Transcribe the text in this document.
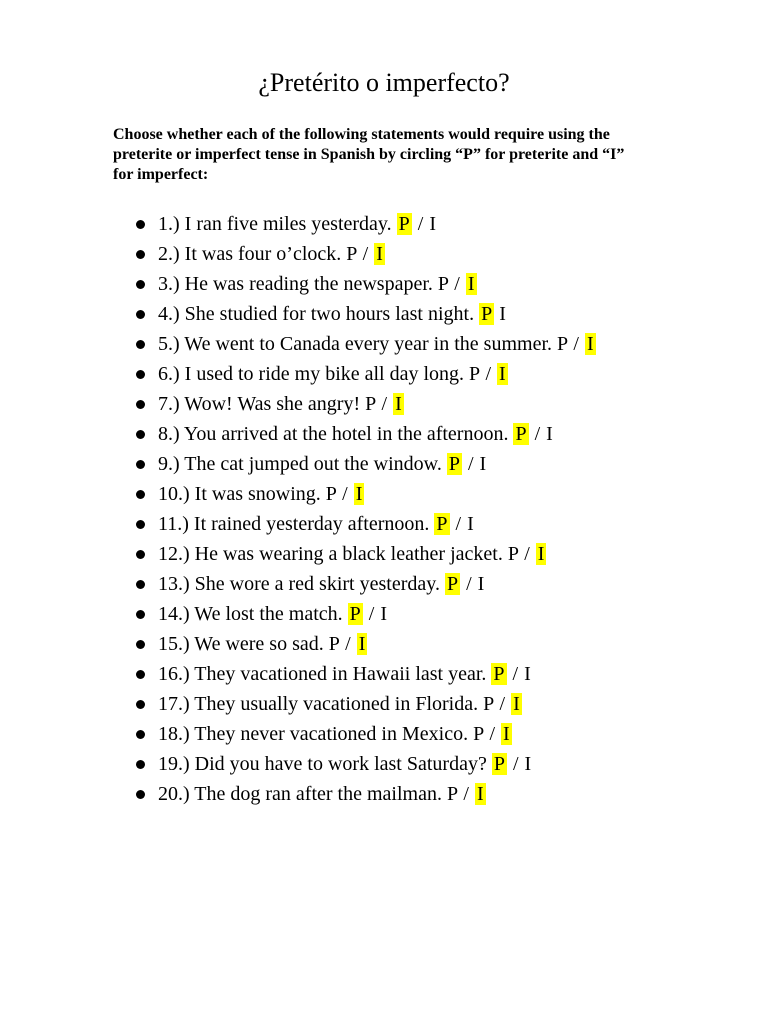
¿Pretérito o imperfecto?
Choose whether each of the following statements would require using the preterite or imperfect tense in Spanish by circling “P” for preterite and “I” for imperfect:
1.) I ran five miles yesterday. P / I
2.) It was four o’clock. P / I
3.) He was reading the newspaper. P / I
4.) She studied for two hours last night. P I
5.) We went to Canada every year in the summer. P / I
6.) I used to ride my bike all day long. P / I
7.) Wow! Was she angry! P / I
8.) You arrived at the hotel in the afternoon. P / I
9.) The cat jumped out the window. P / I
10.) It was snowing. P / I
11.) It rained yesterday afternoon. P / I
12.) He was wearing a black leather jacket. P / I
13.) She wore a red skirt yesterday. P / I
14.) We lost the match. P / I
15.) We were so sad. P / I
16.) They vacationed in Hawaii last year. P / I
17.) They usually vacationed in Florida. P / I
18.) They never vacationed in Mexico. P / I
19.) Did you have to work last Saturday? P / I
20.) The dog ran after the mailman. P / I
